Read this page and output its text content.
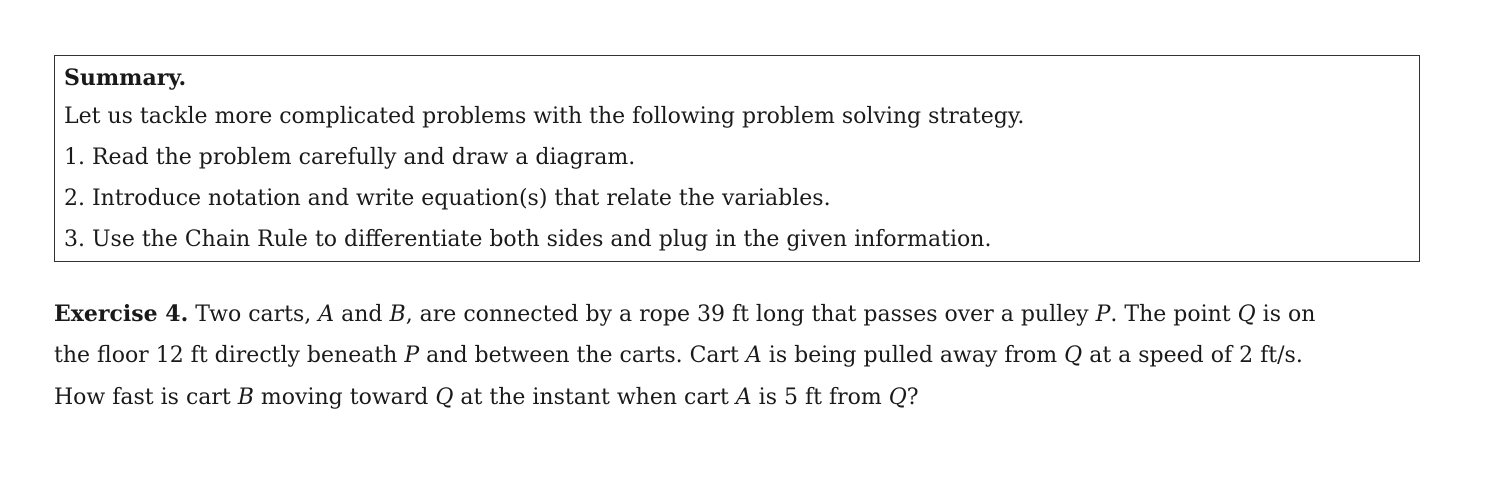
Summary.
Let us tackle more complicated problems with the following problem solving strategy.
1. Read the problem carefully and draw a diagram.
2. Introduce notation and write equation(s) that relate the variables.
3. Use the Chain Rule to differentiate both sides and plug in the given information.
Exercise 4. Two carts, A and B, are connected by a rope 39 ft long that passes over a pulley P. The point Q is on
the floor 12 ft directly beneath P and between the carts. Cart A is being pulled away from Q at a speed of 2 ft/s.
How fast is cart B moving toward Q at the instant when cart A is 5 ft from Q?
